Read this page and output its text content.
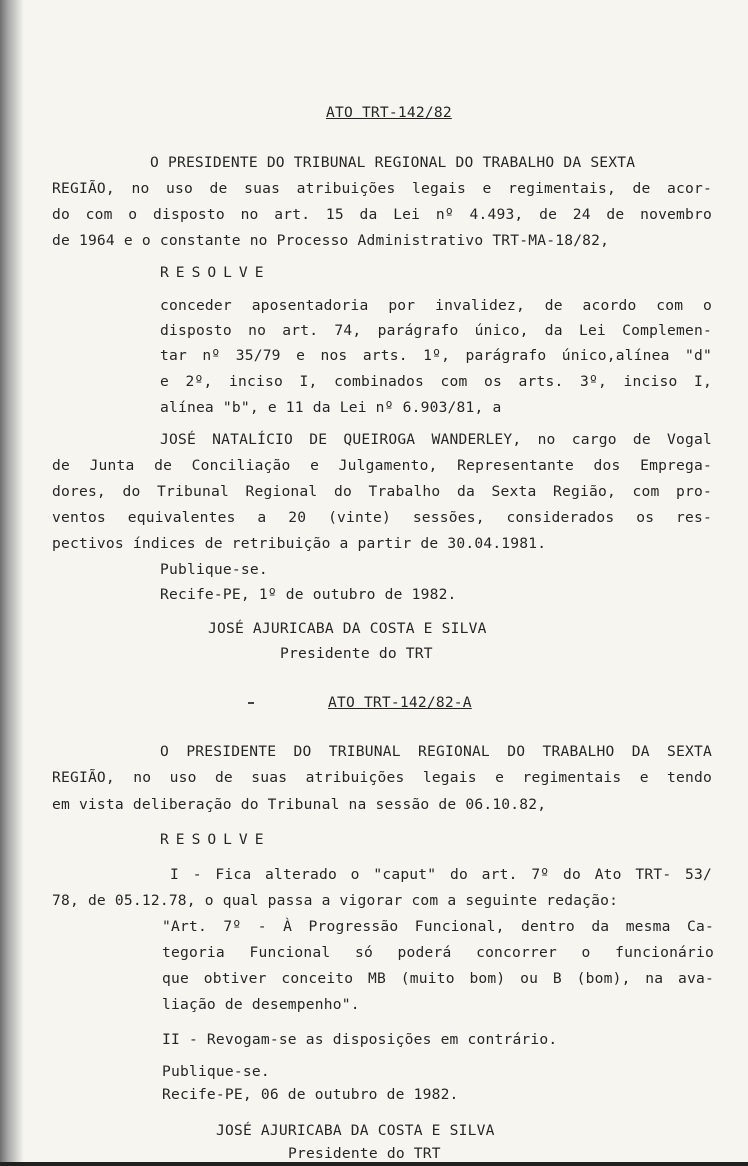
ATO TRT-142/82
O PRESIDENTE DO TRIBUNAL REGIONAL DO TRABALHO DA SEXTA
REGIÃO, no uso de suas atribuições legais e regimentais, de acor-
do com o disposto no art. 15 da Lei nº 4.493, de 24 de novembro
de 1964 e o constante no Processo Administrativo TRT-MA-18/82,
RESOLVE
conceder aposentadoria por invalidez, de acordo com o
disposto no art. 74, parágrafo único, da Lei Complemen-
tar nº 35/79 e nos arts. 1º, parágrafo único,alínea "d"
e 2º, inciso I, combinados com os arts. 3º, inciso I,
alínea "b", e 11 da Lei nº 6.903/81, a
JOSÉ NATALÍCIO DE QUEIROGA WANDERLEY, no cargo de Vogal
de Junta de Conciliação e Julgamento, Representante dos Emprega-
dores, do Tribunal Regional do Trabalho da Sexta Região, com pro-
ventos equivalentes a 20 (vinte) sessões, considerados os res-
pectivos índices de retribuição a partir de 30.04.1981.
Publique-se.
Recife-PE, 1º de outubro de 1982.
JOSÉ AJURICABA DA COSTA E SILVA
Presidente do TRT
ATO TRT-142/82-A
O PRESIDENTE DO TRIBUNAL REGIONAL DO TRABALHO DA SEXTA
REGIÃO, no uso de suas atribuições legais e regimentais e tendo
em vista deliberação do Tribunal na sessão de 06.10.82,
RESOLVE
I - Fica alterado o "caput" do art. 7º do Ato TRT- 53/
78, de 05.12.78, o qual passa a vigorar com a seguinte redação:
"Art. 7º - À Progressão Funcional, dentro da mesma Ca-
tegoria Funcional só poderá concorrer o funcionário
que obtiver conceito MB (muito bom) ou B (bom), na ava-
liação de desempenho".
II - Revogam-se as disposições em contrário.
Publique-se.
Recife-PE, 06 de outubro de 1982.
JOSÉ AJURICABA DA COSTA E SILVA
Presidente do TRT
